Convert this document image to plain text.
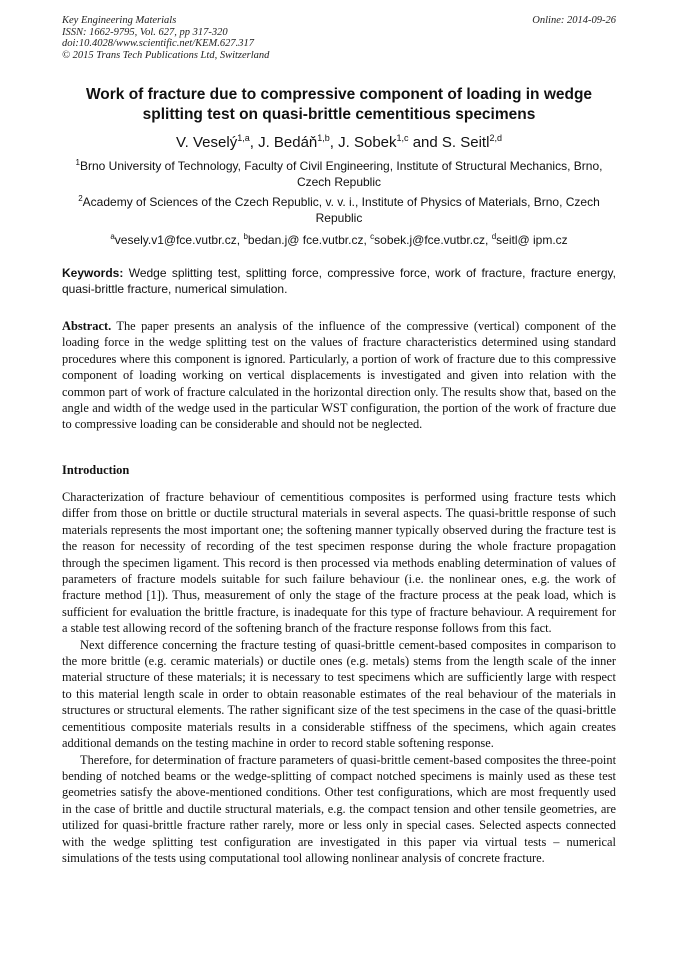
Key Engineering Materials
ISSN: 1662-9795, Vol. 627, pp 317-320
doi:10.4028/www.scientific.net/KEM.627.317
© 2015 Trans Tech Publications Ltd, Switzerland
Online: 2014-09-26
Work of fracture due to compressive component of loading in wedge splitting test on quasi-brittle cementitious specimens
V. Veselý$^{1,a}$, J. Bedáň$^{1,b}$, J. Sobek$^{1,c}$ and S. Seitl$^{2,d}$
$^1$Brno University of Technology, Faculty of Civil Engineering, Institute of Structural Mechanics, Brno, Czech Republic
$^2$Academy of Sciences of the Czech Republic, v. v. i., Institute of Physics of Materials, Brno, Czech Republic
$^a$vesely.v1@fce.vutbr.cz, $^b$bedan.j@ fce.vutbr.cz, $^c$sobek.j@fce.vutbr.cz, $^d$seitl@ ipm.cz
Keywords: Wedge splitting test, splitting force, compressive force, work of fracture, fracture energy, quasi-brittle fracture, numerical simulation.
Abstract. The paper presents an analysis of the influence of the compressive (vertical) component of the loading force in the wedge splitting test on the values of fracture characteristics determined using standard procedures where this component is ignored. Particularly, a portion of work of fracture due to this compressive component of loading working on vertical displacements is investigated and given into relation with the common part of work of fracture calculated in the horizontal direction only. The results show that, based on the angle and width of the wedge used in the particular WST configuration, the portion of the work of fracture due to compressive loading can be considerable and should not be neglected.
Introduction

Characterization of fracture behaviour of cementitious composites is performed using fracture tests which differ from those on brittle or ductile structural materials in several aspects. The quasi-brittle response of such materials represents the most important one; the softening manner typically observed during the fracture test is the reason for necessity of recording of the test specimen response during the whole fracture propagation through the specimen ligament. This record is then processed via methods enabling determination of values of parameters of fracture models suitable for such failure behaviour (i.e. the nonlinear ones, e.g. the work of fracture method [1]). Thus, measurement of only the stage of the fracture process at the peak load, which is sufficient for evaluation the brittle fracture, is inadequate for this type of fracture behaviour. A requirement for a stable test allowing record of the softening branch of the fracture response follows from this fact.

Next difference concerning the fracture testing of quasi-brittle cement-based composites in comparison to the more brittle (e.g. ceramic materials) or ductile ones (e.g. metals) stems from the length scale of the inner material structure of these materials; it is necessary to test specimens which are sufficiently large with respect to this material length scale in order to obtain reasonable estimates of the real behaviour of the materials in structures or structural elements. The rather significant size of the test specimens in the case of the quasi-brittle cementitious composite materials results in a considerable stiffness of the specimens, which again creates additional demands on the testing machine in order to record stable softening response.

Therefore, for determination of fracture parameters of quasi-brittle cement-based composites the three-point bending of notched beams or the wedge-splitting of compact notched specimens is mainly used as these test geometries satisfy the above-mentioned conditions. Other test configurations, which are most frequently used in the case of brittle and ductile structural materials, e.g. the compact tension and other tensile geometries, are utilized for quasi-brittle fracture rather rarely, more or less only in special cases. Selected aspects connected with the wedge splitting test configuration are investigated in this paper via virtual tests – numerical simulations of the tests using computational tool allowing nonlinear analysis of concrete fracture.
